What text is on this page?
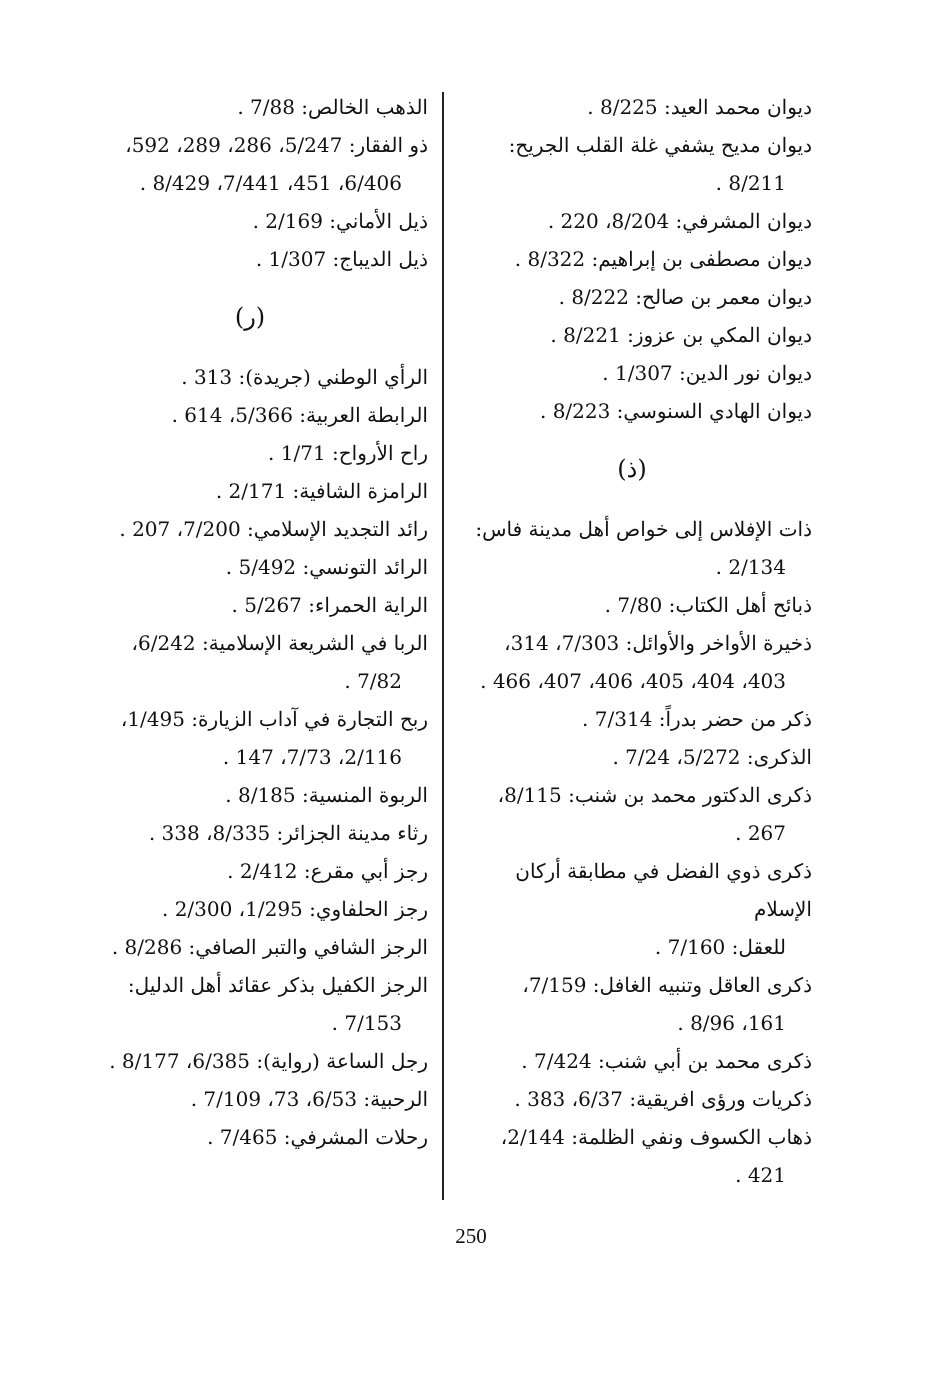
ديوان محمد العيد: 8/225 .
ديوان مديح يشفي غلة القلب الجريح:
8/211 .
ديوان المشرفي: 8/204، 220 .
ديوان مصطفى بن إبراهيم: 8/322 .
ديوان معمر بن صالح: 8/222 .
ديوان المكي بن عزوز: 8/221 .
ديوان نور الدين: 1/307 .
ديوان الهادي السنوسي: 8/223 .
(ذ)
ذات الإفلاس إلى خواص أهل مدينة فاس:
2/134 .
ذبائح أهل الكتاب: 7/80 .
ذخيرة الأواخر والأوائل: 7/303، 314،
403، 404، 405، 406، 407، 466 .
ذكر من حضر بدراً: 7/314 .
الذكرى: 5/272، 7/24 .
ذكرى الدكتور محمد بن شنب: 8/115،
267 .
ذكرى ذوي الفضل في مطابقة أركان الإسلام
للعقل: 7/160 .
ذكرى العاقل وتنبيه الغافل: 7/159،
161، 8/96 .
ذكرى محمد بن أبي شنب: 7/424 .
ذكريات ورؤى افريقية: 6/37، 383 .
ذهاب الكسوف ونفي الظلمة: 2/144،
421 .
الذهب الخالص: 7/88 .
ذو الفقار: 5/247، 286، 289، 592،
6/406، 451، 7/441، 8/429 .
ذيل الأماني: 2/169 .
ذيل الديباج: 1/307 .
(ر)
الرأي الوطني (جريدة): 313 .
الرابطة العربية: 5/366، 614 .
راح الأرواح: 1/71 .
الرامزة الشافية: 2/171 .
رائد التجديد الإسلامي: 7/200، 207 .
الرائد التونسي: 5/492 .
الراية الحمراء: 5/267 .
الربا في الشريعة الإسلامية: 6/242،
7/82 .
ربح التجارة في آداب الزيارة: 1/495،
2/116، 7/73، 147 .
الربوة المنسية: 8/185 .
رثاء مدينة الجزائر: 8/335، 338 .
رجز أبي مقرع: 2/412 .
رجز الحلفاوي: 1/295، 2/300 .
الرجز الشافي والتبر الصافي: 8/286 .
الرجز الكفيل بذكر عقائد أهل الدليل:
7/153 .
رجل الساعة (رواية): 6/385، 8/177 .
الرحبية: 6/53، 73، 7/109 .
رحلات المشرفي: 7/465 .
250
